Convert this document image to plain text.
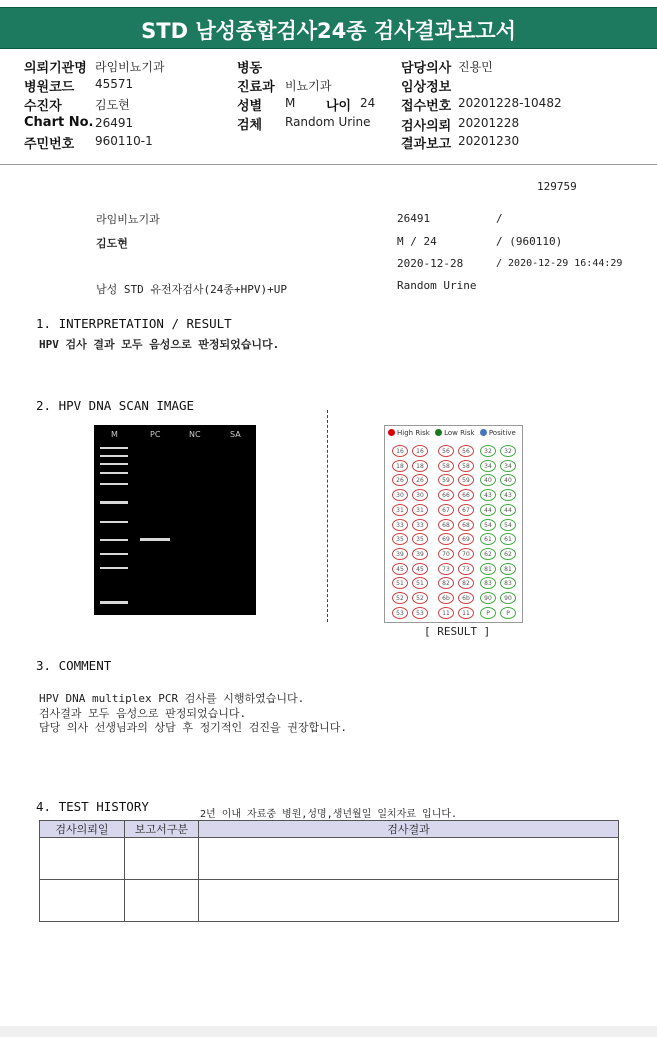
STD 남성종합검사24종 검사결과보고서
의뢰기관명 라임비뇨기과
병원코드 45571
수진자	김도현
Chart No. 26491
주민번호 960110-1
병동
진료과 비뇨기과
성별 M 나이 24
검체 Random Urine
담당의사 진용민
임상정보
접수번호 20201228-10482
검사의뢰 20201228
결과보고 20201230
129759
라임비뇨기과	26491	/
김도현	M / 24	/ (960110)
2020-12-28	/ 2020-12-29 16:44:29
남성 STD 유전자검사(24종+HPV)+UP	Random Urine
1. INTERPRETATION / RESULT
HPV 검사 결과 모두 음성으로 판정되었습니다.
2. HPV DNA SCAN IMAGE
M	PC	NC	SA	High Risk Low Risk Positive
16	16	56	56	32	32
18	18	58	58	34	34
26	26	59	59	40	40
30	30	66	66	43	43
31	31	67	67	44	44
33	33	68	68	54	54
35	35	69	69	61	61
39	39	70	70	62	62
45	45	73	73	81	81
51	51	82	82	83	83
52	52	6b	6b	90	90
53	53	11	11	P	P
[ RESULT ]
3. COMMENT
HPV DNA multiplex PCR 검사를 시행하였습니다.
검사결과 모두 음성으로 판정되었습니다.
담당 의사 선생님과의 상담 후 정기적인 검진을 권장합니다.
4. TEST HISTORY
2년 이내 자료중 병원,성명,생년월일 일치자료 입니다.
검사의뢰일	보고서구분	검사결과
